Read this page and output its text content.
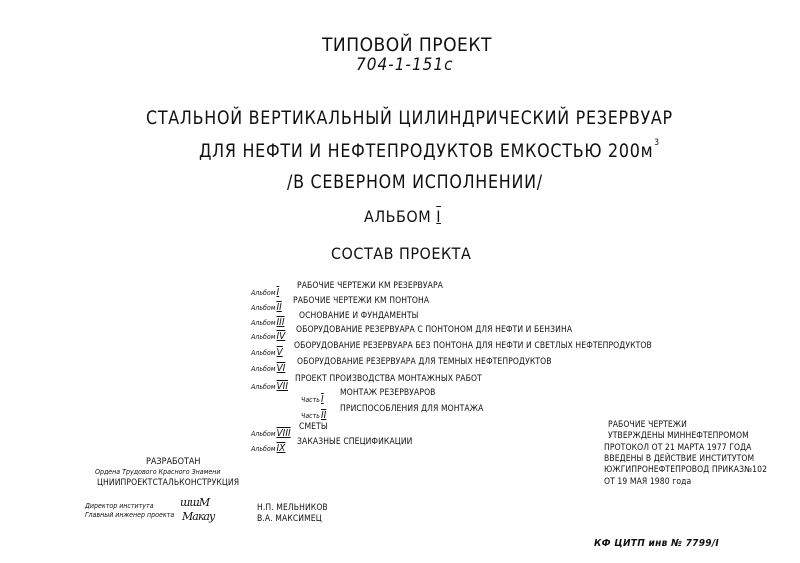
ТИПОВОЙ ПРОЕКТ
704-1-151с
СТАЛЬНОЙ ВЕРТИКАЛЬНЫЙ ЦИЛИНДРИЧЕСКИЙ РЕЗЕРВУАР
ДЛЯ НЕФТИ И НЕФТЕПРОДУКТОВ ЕМКОСТЬЮ $200м^3$
/В СЕВЕРНОМ ИСПОЛНЕНИИ/
АЛЬБОМ I
СОСТАВ ПРОЕКТА
АльбомI
РАБОЧИЕ ЧЕРТЕЖИ КМ РЕЗЕРВУАРА
АльбомII
РАБОЧИЕ ЧЕРТЕЖИ КМ ПОНТОНА
АльбомIII
ОСНОВАНИЕ И ФУНДАМЕНТЫ
АльбомIV
ОБОРУДОВАНИЕ РЕЗЕРВУАРА С ПОНТОНОМ ДЛЯ НЕФТИ И БЕНЗИНА
АльбомV
ОБОРУДОВАНИЕ РЕЗЕРВУАРА БЕЗ ПОНТОНА ДЛЯ НЕФТИ И СВЕТЛЫХ НЕФТЕПРОДУКТОВ
АльбомVI
ОБОРУДОВАНИЕ РЕЗЕРВУАРА ДЛЯ ТЕМНЫХ НЕФТЕПРОДУКТОВ
АльбомVII
ПРОЕКТ ПРОИЗВОДСТВА МОНТАЖНЫХ РАБОТ
ЧастьI
МОНТАЖ РЕЗЕРВУАРОВ
ЧастьII
ПРИСПОСОБЛЕНИЯ ДЛЯ МОНТАЖА
АльбомVIII
СМЕТЫ
АльбомIX
ЗАКАЗНЫЕ СПЕЦИФИКАЦИИ
РАБОЧИЕ ЧЕРТЕЖИ
УТВЕРЖДЕНЫ МИННЕФТЕПРОМОМ
ПРОТОКОЛ ОТ 21 МАРТА 1977 ГОДА
ВВЕДЕНЫ В ДЕЙСТВИЕ ИНСТИТУТОМ
ЮЖГИПРОНЕФТЕПРОВОД ПРИКАЗ№102
ОТ 19 МАЯ 1980 года
РАЗРАБОТАН
Ордена Трудового Красного Знамени
ЦНИИПРОЕКТСТАЛЬКОНСТРУКЦИЯ
Директор института
Главный инженер проекта
ɯɯМ
Макау
Н.П. МЕЛЬНИКОВ
В.А. МАКСИМЕЦ
КФ ЦИТП инв № 7799/I
